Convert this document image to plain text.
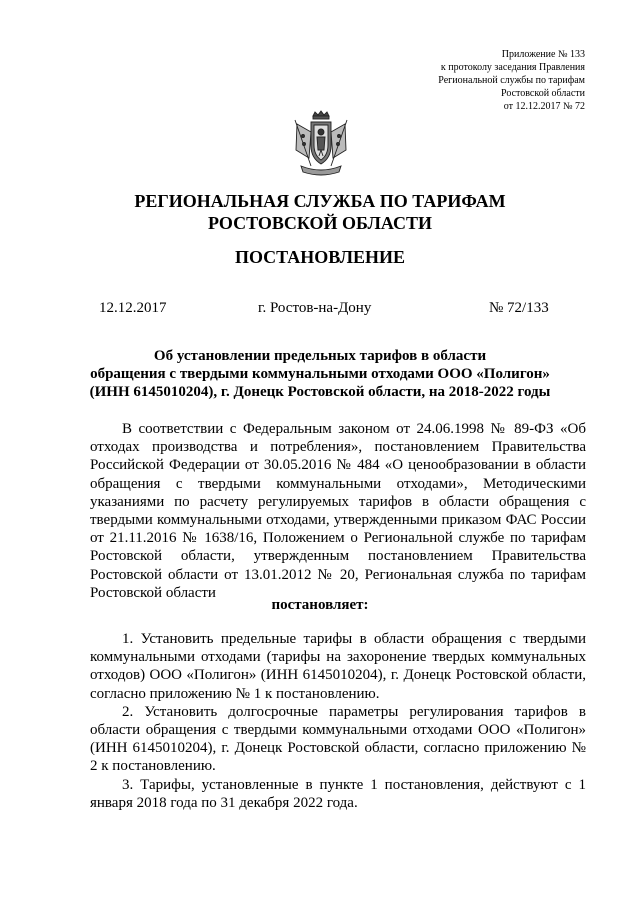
Приложение № 133
к протоколу заседания Правления
Региональной службы по тарифам
Ростовской области
от 12.12.2017 № 72
РЕГИОНАЛЬНАЯ СЛУЖБА ПО ТАРИФАМ
РОСТОВСКОЙ ОБЛАСТИ
ПОСТАНОВЛЕНИЕ
12.12.2017	г. Ростов-на-Дону	№ 72/133
Об установлении предельных тарифов в области
обращения с твердыми коммунальными отходами ООО «Полигон»
(ИНН 6145010204), г. Донецк Ростовской области, на 2018-2022 годы
В соответствии с Федеральным законом от 24.06.1998 № 89-ФЗ «Об отходах производства и потребления», постановлением Правительства Российской Федерации от 30.05.2016 № 484 «О ценообразовании в области обращения с твердыми коммунальными отходами», Методическими указаниями по расчету регулируемых тарифов в области обращения с твердыми коммунальными отходами, утвержденными приказом ФАС России от 21.11.2016 № 1638/16, Положением о Региональной службе по тарифам Ростовской области, утвержденным постановлением Правительства Ростовской области от 13.01.2012 № 20, Региональная служба по тарифам Ростовской области
постановляет:

1. Установить предельные тарифы в области обращения с твердыми коммунальными отходами (тарифы на захоронение твердых коммунальных отходов) ООО «Полигон» (ИНН 6145010204), г. Донецк Ростовской области, согласно приложению № 1 к постановлению.

2. Установить долгосрочные параметры регулирования тарифов в области обращения с твердыми коммунальными отходами ООО «Полигон» (ИНН 6145010204), г. Донецк Ростовской области, согласно приложению № 2 к постановлению.

3. Тарифы, установленные в пункте 1 постановления, действуют с 1 января 2018 года по 31 декабря 2022 года.
